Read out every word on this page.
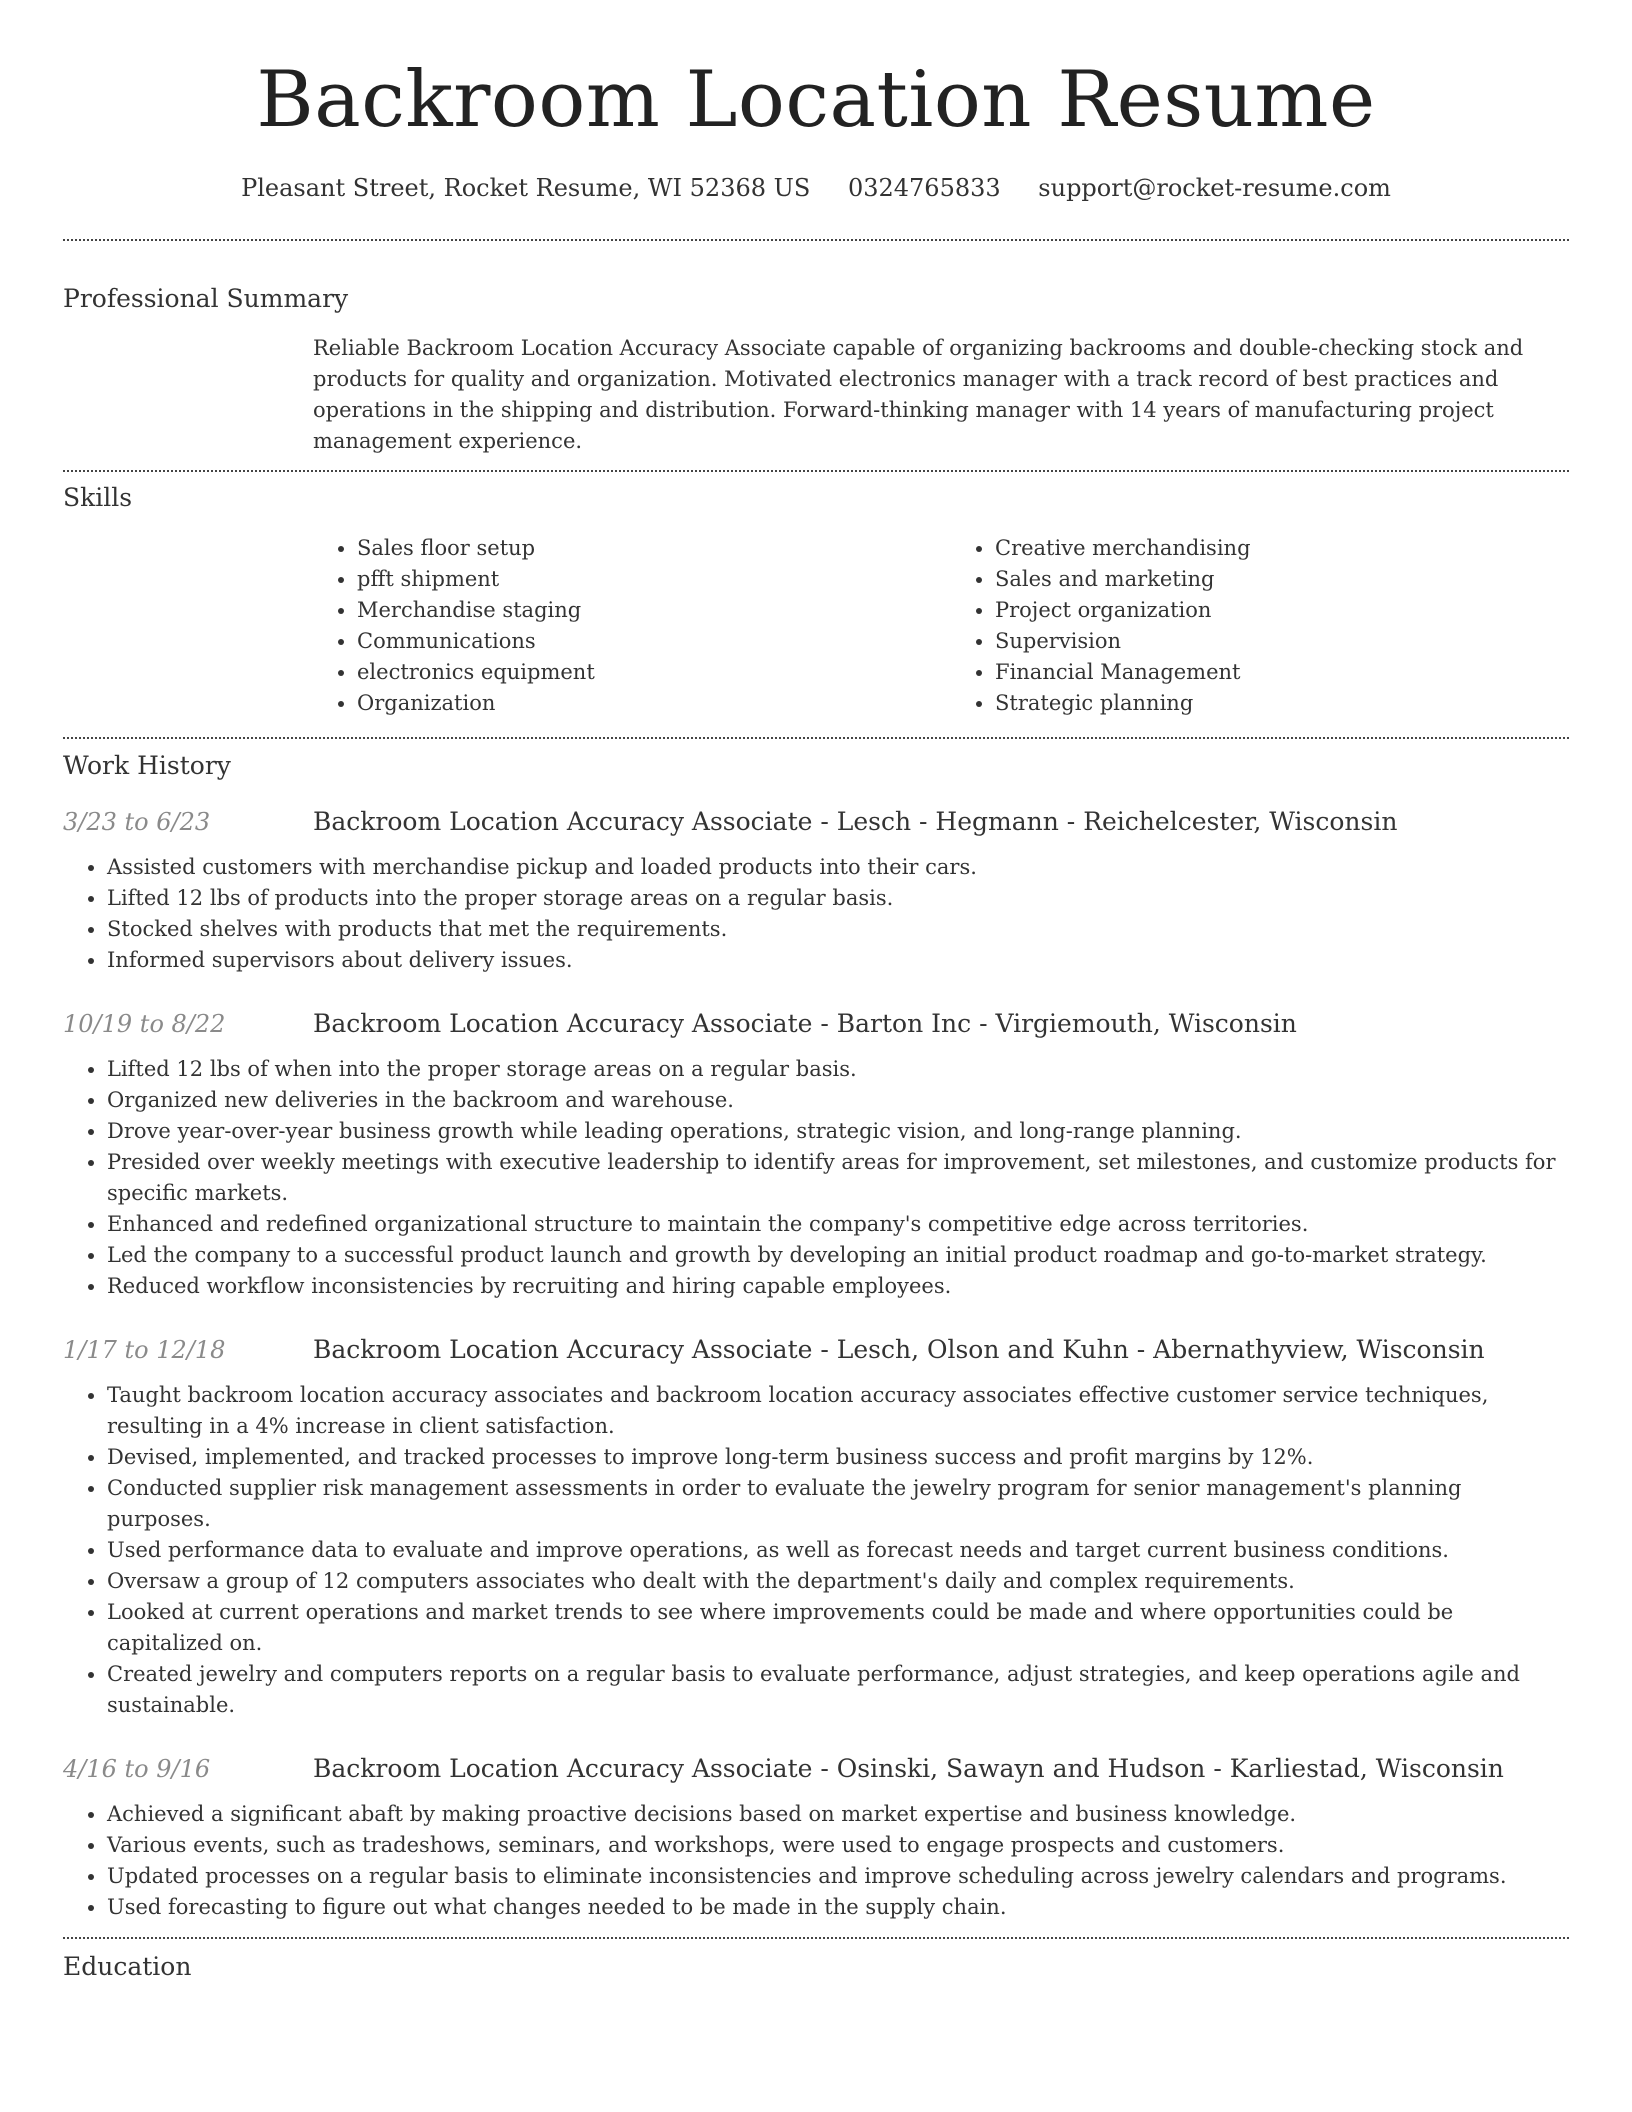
Backroom Location Resume
Pleasant Street, Rocket Resume, WI 52368 US 0324765833 support@rocket-resume.com
Professional Summary

Reliable Backroom Location Accuracy Associate capable of organizing backrooms and double-checking stock and products for quality and organization. Motivated electronics manager with a track record of best practices and operations in the shipping and distribution. Forward-thinking manager with 14 years of manufacturing project management experience.

Skills
• Sales floor setup
• pfft shipment
• Merchandise staging
• Communications
• electronics equipment
• Organization
• Creative merchandising
• Sales and marketing
• Project organization
• Supervision
• Financial Management
• Strategic planning
Work History
3/23 to 6/23	Backroom Location Accuracy Associate - Lesch - Hegmann - Reichelcester, Wisconsin
• Assisted customers with merchandise pickup and loaded products into their cars.
• Lifted 12 lbs of products into the proper storage areas on a regular basis.
• Stocked shelves with products that met the requirements.
• Informed supervisors about delivery issues.
10/19 to 8/22	Backroom Location Accuracy Associate - Barton Inc - Virgiemouth, Wisconsin
• Lifted 12 lbs of when into the proper storage areas on a regular basis.
• Organized new deliveries in the backroom and warehouse.
• Drove year-over-year business growth while leading operations, strategic vision, and long-range planning.
• Presided over weekly meetings with executive leadership to identify areas for improvement, set milestones, and customize products for specific markets.
• Enhanced and redefined organizational structure to maintain the company's competitive edge across territories.
• Led the company to a successful product launch and growth by developing an initial product roadmap and go-to-market strategy.
• Reduced workflow inconsistencies by recruiting and hiring capable employees.
1/17 to 12/18	Backroom Location Accuracy Associate - Lesch, Olson and Kuhn - Abernathyview, Wisconsin
• Taught backroom location accuracy associates and backroom location accuracy associates effective customer service techniques, resulting in a 4% increase in client satisfaction.
• Devised, implemented, and tracked processes to improve long-term business success and profit margins by 12%.
• Conducted supplier risk management assessments in order to evaluate the jewelry program for senior management's planning purposes.
• Used performance data to evaluate and improve operations, as well as forecast needs and target current business conditions.
• Oversaw a group of 12 computers associates who dealt with the department's daily and complex requirements.
• Looked at current operations and market trends to see where improvements could be made and where opportunities could be capitalized on.
• Created jewelry and computers reports on a regular basis to evaluate performance, adjust strategies, and keep operations agile and sustainable.
4/16 to 9/16	Backroom Location Accuracy Associate - Osinski, Sawayn and Hudson - Karliestad, Wisconsin
• Achieved a significant abaft by making proactive decisions based on market expertise and business knowledge.
• Various events, such as tradeshows, seminars, and workshops, were used to engage prospects and customers.
• Updated processes on a regular basis to eliminate inconsistencies and improve scheduling across jewelry calendars and programs.
• Used forecasting to figure out what changes needed to be made in the supply chain.
Education
